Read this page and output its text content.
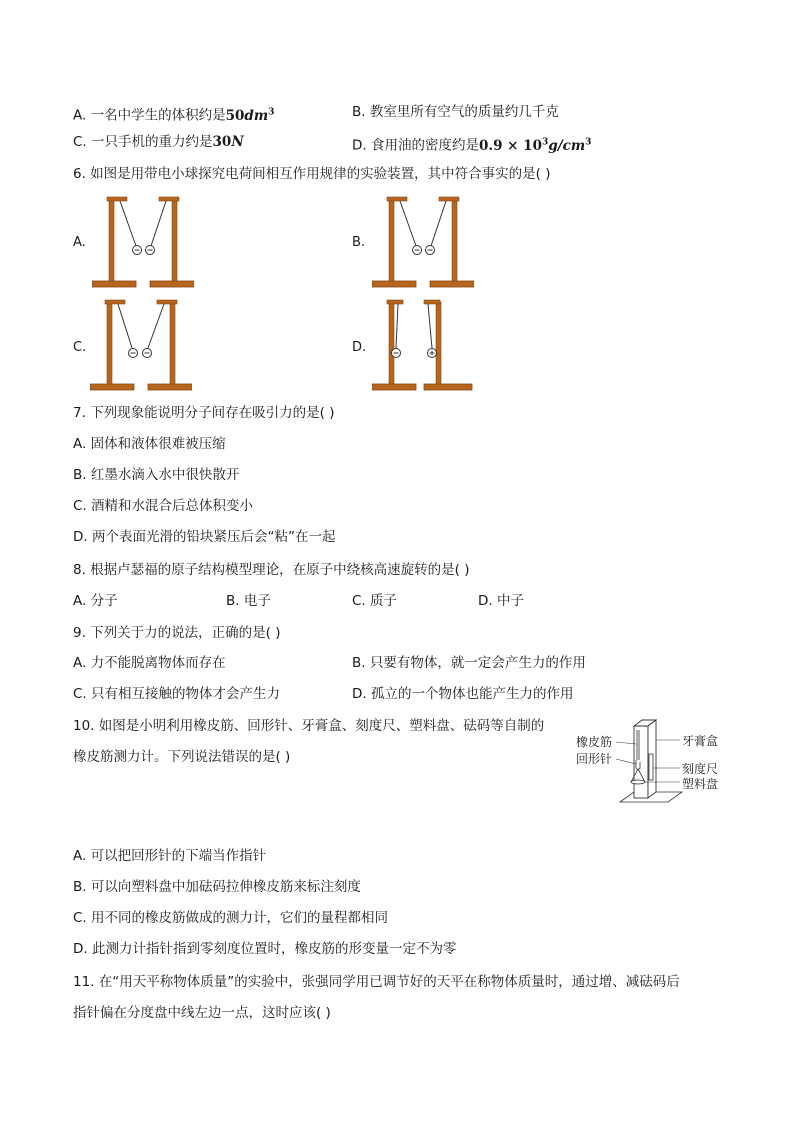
A. 一名中学生的体积约是$50dm^3$	B. 教室里所有空气的质量约几千克
C. 一只手机的重力约是30N	D. 食用油的密度约是$0.9 \times 10^3g/cm^3$
6. 如图是用带电小球探究电荷间相互作用规律的实验装置，其中符合事实的是( )
A.	B.
C.	D.
7. 下列现象能说明分子间存在吸引力的是( )
A. 固体和液体很难被压缩
B. 红墨水滴入水中很快散开
C. 酒精和水混合后总体积变小
D. 两个表面光滑的铅块紧压后会“粘”在一起
8. 根据卢瑟福的原子结构模型理论，在原子中绕核高速旋转的是( )
A. 分子	B. 电子	C. 质子	D. 中子
9. 下列关于力的说法，正确的是( )
A. 力不能脱离物体而存在	B. 只要有物体，就一定会产生力的作用
C. 只有相互接触的物体才会产生力	D. 孤立的一个物体也能产生力的作用
10. 如图是小明利用橡皮筋、回形针、牙膏盒、刻度尺、塑料盘、砝码等自制的
橡皮筋测力计。下列说法错误的是( )
橡皮筋
回形针
牙膏盒
刻度尺
塑料盘
A. 可以把回形针的下端当作指针
B. 可以向塑料盘中加砝码拉伸橡皮筋来标注刻度
C. 用不同的橡皮筋做成的测力计，它们的量程都相同
D. 此测力计指针指到零刻度位置时，橡皮筋的形变量一定不为零
11. 在“用天平称物体质量”的实验中，张强同学用已调节好的天平在称物体质量时，通过增、减砝码后
指针偏在分度盘中线左边一点，这时应该( )
